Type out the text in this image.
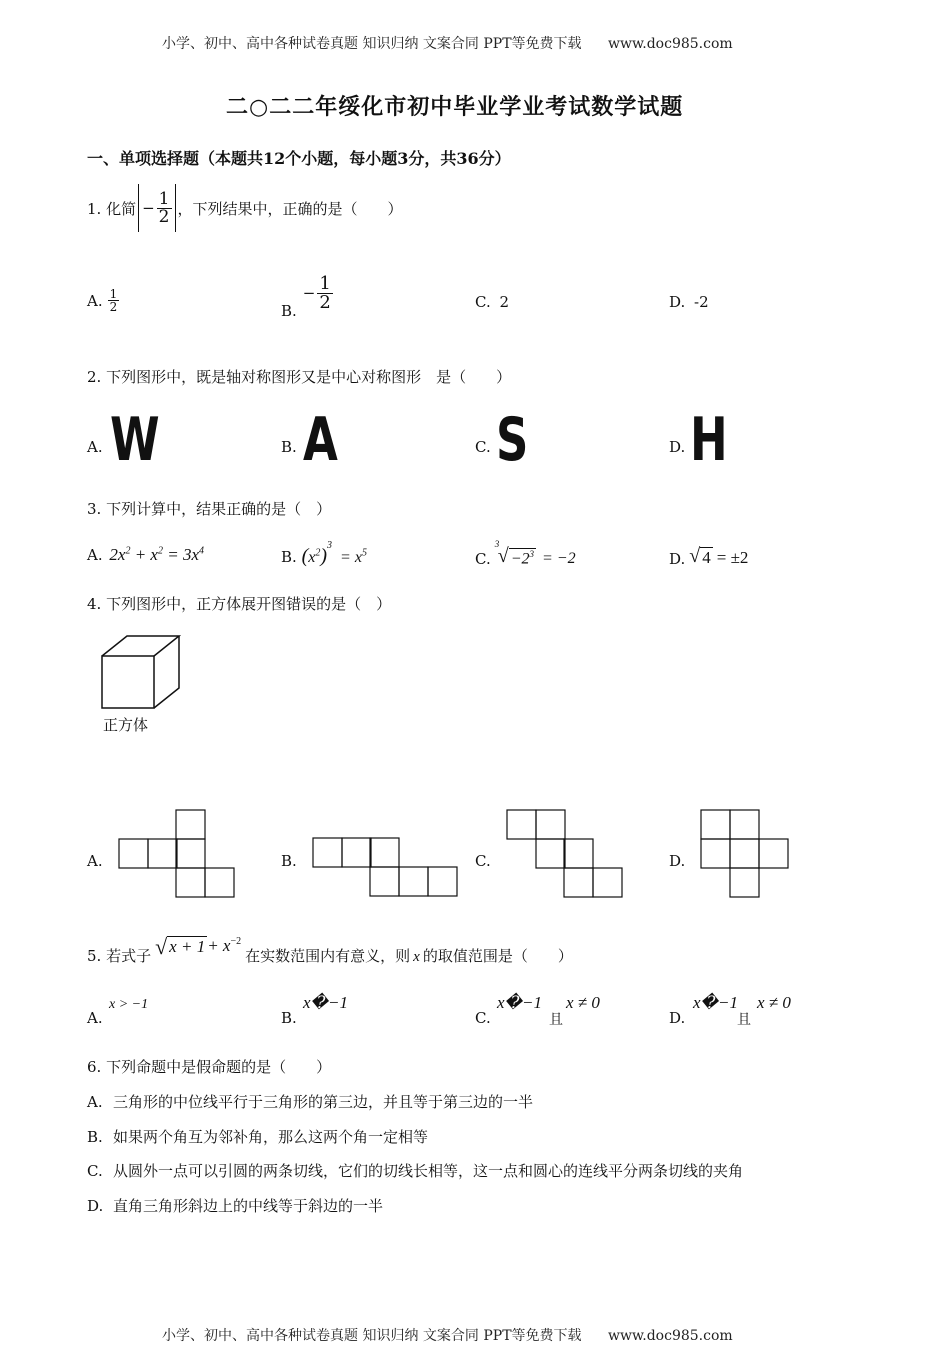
小学、初中、高中各种试卷真题 知识归纳 文案合同 PPT等免费下载 www.doc985.com
二○二二年绥化市初中毕业学业考试数学试题
一、单项选择题（本题共12个小题，每小题3分，共36分）
1. 化简 − $\frac{1}{2}$ ，下列结果中，正确的是（　　）
A. $\frac{1}{2}$	B.
− $\frac{1}{2}$	C. 2	D. -2
2. 下列图形中，既是轴对称图形又是中心对称图形　是（　　）
A. W	B. A	C. S	D. H
3. 下列计算中，结果正确的是（　）
A. $2x^2 + x^2 = 3x^4$	B. $(x^2)^3 = x^5$	C.
3
√ $-2^3 = -2$	D. √ 4 = ±2
4. 下列图形中，正方体展开图错误的是（　）
正方体
A.	B.	C.	D.
5. 若式子 √ $x + 1 + x^{-2}$
在实数范围内有意义，则 x 的取值范围是（　　）
A.
x > −1
B.
x�−1
C.
x�−1
且
x ≠ 0
D.
x�−1
且
x ≠ 0
6. 下列命题中是假命题的是（　　）
A. 三角形的中位线平行于三角形的第三边，并且等于第三边的一半
B. 如果两个角互为邻补角，那么这两个角一定相等
C. 从圆外一点可以引圆的两条切线，它们的切线长相等，这一点和圆心的连线平分两条切线的夹角
D. 直角三角形斜边上的中线等于斜边的一半
小学、初中、高中各种试卷真题 知识归纳 文案合同 PPT等免费下载 www.doc985.com
